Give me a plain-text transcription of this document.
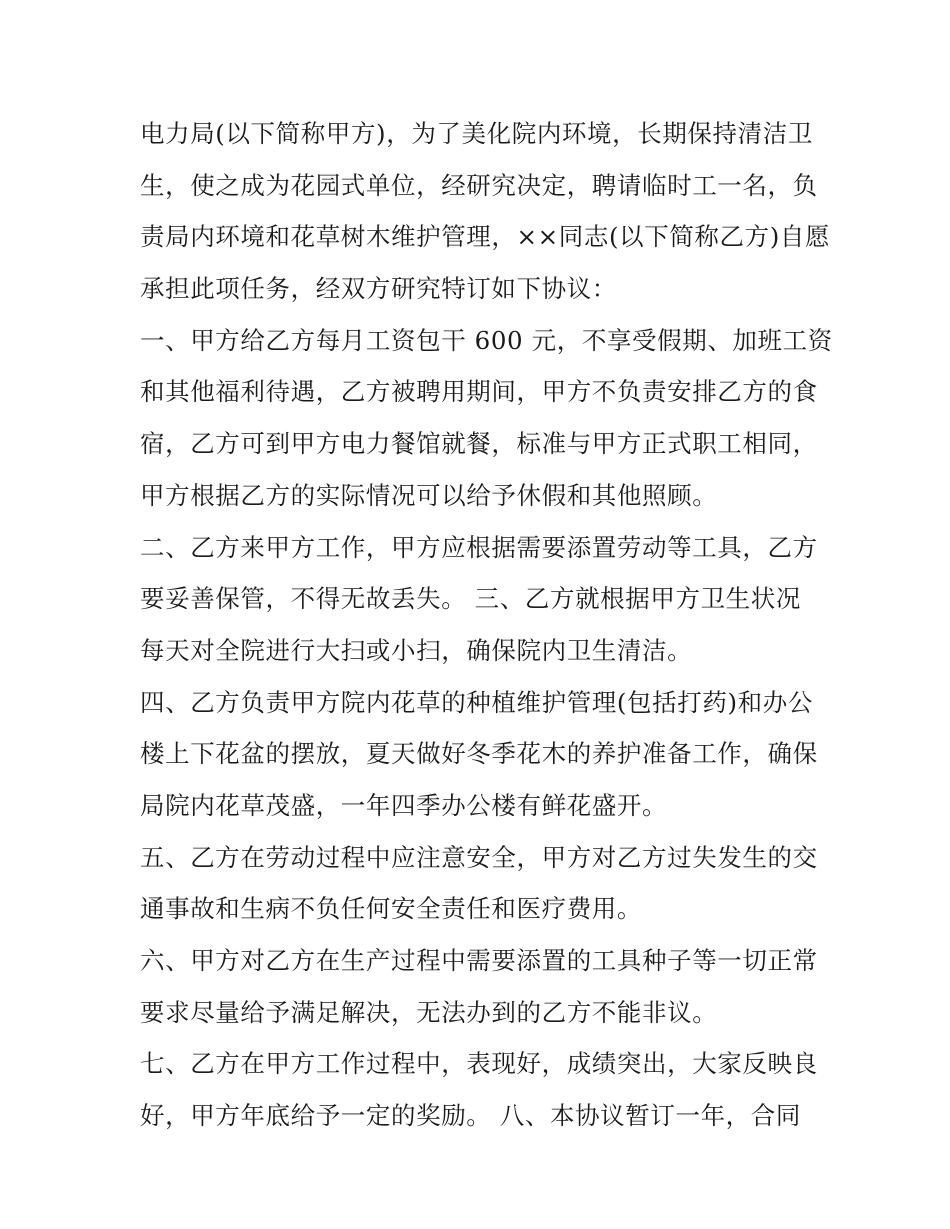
电力局(以下简称甲方)，为了美化院内环境，长期保持清洁卫
生，使之成为花园式单位，经研究决定，聘请临时工一名，负
责局内环境和花草树木维护管理，××同志(以下简称乙方)自愿
承担此项任务，经双方研究特订如下协议：
一、甲方给乙方每月工资包干 600 元，不享受假期、加班工资
和其他福利待遇，乙方被聘用期间，甲方不负责安排乙方的食
宿，乙方可到甲方电力餐馆就餐，标准与甲方正式职工相同，
甲方根据乙方的实际情况可以给予休假和其他照顾。
二、乙方来甲方工作，甲方应根据需要添置劳动等工具，乙方
要妥善保管，不得无故丢失。 三、乙方就根据甲方卫生状况
每天对全院进行大扫或小扫，确保院内卫生清洁。
四、乙方负责甲方院内花草的种植维护管理(包括打药)和办公
楼上下花盆的摆放，夏天做好冬季花木的养护准备工作，确保
局院内花草茂盛，一年四季办公楼有鲜花盛开。
五、乙方在劳动过程中应注意安全，甲方对乙方过失发生的交
通事故和生病不负任何安全责任和医疗费用。
六、甲方对乙方在生产过程中需要添置的工具种子等一切正常
要求尽量给予满足解决，无法办到的乙方不能非议。
七、乙方在甲方工作过程中，表现好，成绩突出，大家反映良
好，甲方年底给予一定的奖励。 八、本协议暂订一年，合同
